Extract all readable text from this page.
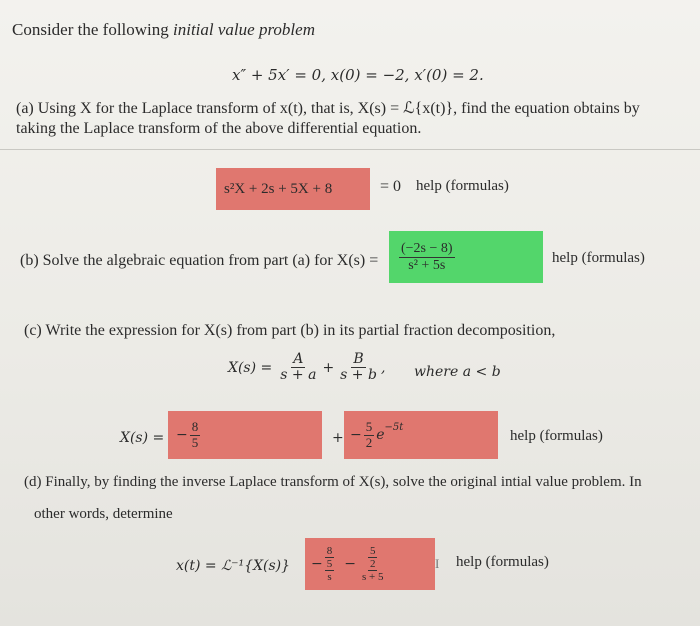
Consider the following initial value problem
x″ + 5x′ = 0, x(0) = −2, x′(0) = 2.
(a) Using X for the Laplace transform of x(t), that is, X(s) = ℒ{x(t)}, find the equation obtains by
taking the Laplace transform of the above differential equation.
s²X + 2s + 5X + 8	= 0 help (formulas)
(b) Solve the algebraic equation from part (a) for $X(s) = \frac{(-2s - 8)}{\text{s² + 5s}}$	help (formulas)
(c) Write the expression for X(s) from part (b) in its partial fraction decomposition,
$X(s) = \frac{A}{s + a} + \frac{B}{s + b}$ , where a < b
X(s) = − $\frac{8}{5}$	+ − $\frac{5}{2}$ e −5t
help (formulas)
(d) Finally, by finding the inverse Laplace transform of X(s), solve the original intial value problem. In
other words, determine
x(t) = ℒ⁻¹{X(s)} − $\frac{\frac{8}{5}}{s} - \frac{\frac{5}{2}}{s + 5}$	I help (formulas)
